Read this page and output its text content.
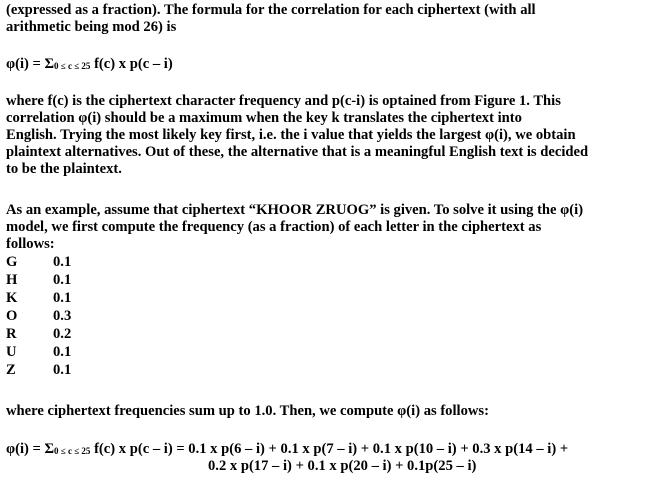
(expressed as a fraction). The formula for the correlation for each ciphertext (with all
arithmetic being mod 26) is
φ(i) = Σ0 ≤ c ≤ 25 f(c) x p(c – i)
where f(c) is the ciphertext character frequency and p(c-i) is optained from Figure 1. This
correlation φ(i) should be a maximum when the key k translates the ciphertext into
English. Trying the most likely key first, i.e. the i value that yields the largest φ(i), we obtain
plaintext alternatives. Out of these, the alternative that is a meaningful English text is decided
to be the plaintext.
As an example, assume that ciphertext “KHOOR ZRUOG” is given. To solve it using the φ(i)
model, we first compute the frequency (as a fraction) of each letter in the ciphertext as
follows:
G	0.1
H	0.1
K	0.1
O	0.3
R	0.2
U	0.1
Z	0.1
where ciphertext frequencies sum up to 1.0. Then, we compute φ(i) as follows:
φ(i) = Σ0 ≤ c ≤ 25 f(c) x p(c – i) = 0.1 x p(6 – i) + 0.1 x p(7 – i) + 0.1 x p(10 – i) + 0.3 x p(14 – i) +
0.2 x p(17 – i) + 0.1 x p(20 – i) + 0.1p(25 – i)
